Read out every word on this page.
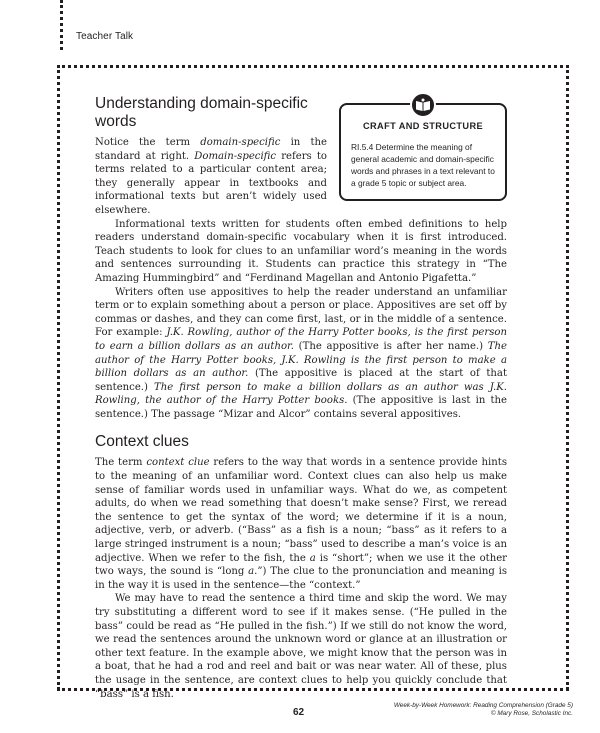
Teacher Talk
CRAFT AND STRUCTURE
RI.5.4 Determine the meaning of general academic and domain-specific words and phrases in a text relevant to a grade 5 topic or subject area.
Understanding domain-specific words

Notice the term domain-specific in the standard at right. Domain-specific refers to terms related to a particular content area; they generally appear in textbooks and informational texts but aren’t widely used elsewhere.

Informational texts written for students often embed definitions to help readers understand domain-specific vocabulary when it is first introduced. Teach students to look for clues to an unfamiliar word’s meaning in the words and sentences surrounding it. Students can practice this strategy in “The Amazing Hummingbird” and “Ferdinand Magellan and Antonio Pigafetta.”

Writers often use appositives to help the reader understand an unfamiliar term or to explain something about a person or place. Appositives are set off by commas or dashes, and they can come first, last, or in the middle of a sentence. For example: J.K. Rowling, author of the Harry Potter books, is the first person to earn a billion dollars as an author. (The appositive is after her name.) The author of the Harry Potter books, J.K. Rowling is the first person to make a billion dollars as an author. (The appositive is placed at the start of that sentence.) The first person to make a billion dollars as an author was J.K. Rowling, the author of the Harry Potter books. (The appositive is last in the sentence.) The passage “Mizar and Alcor” contains several appositives.

Context clues

The term context clue refers to the way that words in a sentence provide hints to the meaning of an unfamiliar word. Context clues can also help us make sense of familiar words used in unfamiliar ways. What do we, as competent adults, do when we read something that doesn’t make sense? First, we reread the sentence to get the syntax of the word; we determine if it is a noun, adjective, verb, or adverb. (“Bass” as a fish is a noun; “bass” as it refers to a large stringed instrument is a noun; “bass” used to describe a man’s voice is an adjective. When we refer to the fish, the a is “short”; when we use it the other two ways, the sound is “long a.”) The clue to the pronunciation and meaning is in the way it is used in the sentence—the “context.”

We may have to read the sentence a third time and skip the word. We may try substituting a different word to see if it makes sense. (“He pulled in the bass” could be read as “He pulled in the fish.”) If we still do not know the word, we read the sentences around the unknown word or glance at an illustration or other text feature. In the example above, we might know that the person was in a boat, that he had a rod and reel and bait or was near water. All of these, plus the usage in the sentence, are context clues to help you quickly conclude that “bass” is a fish.

62
Week-by-Week Homework: Reading Comprehension (Grade 5)
© Mary Rose, Scholastic Inc.
